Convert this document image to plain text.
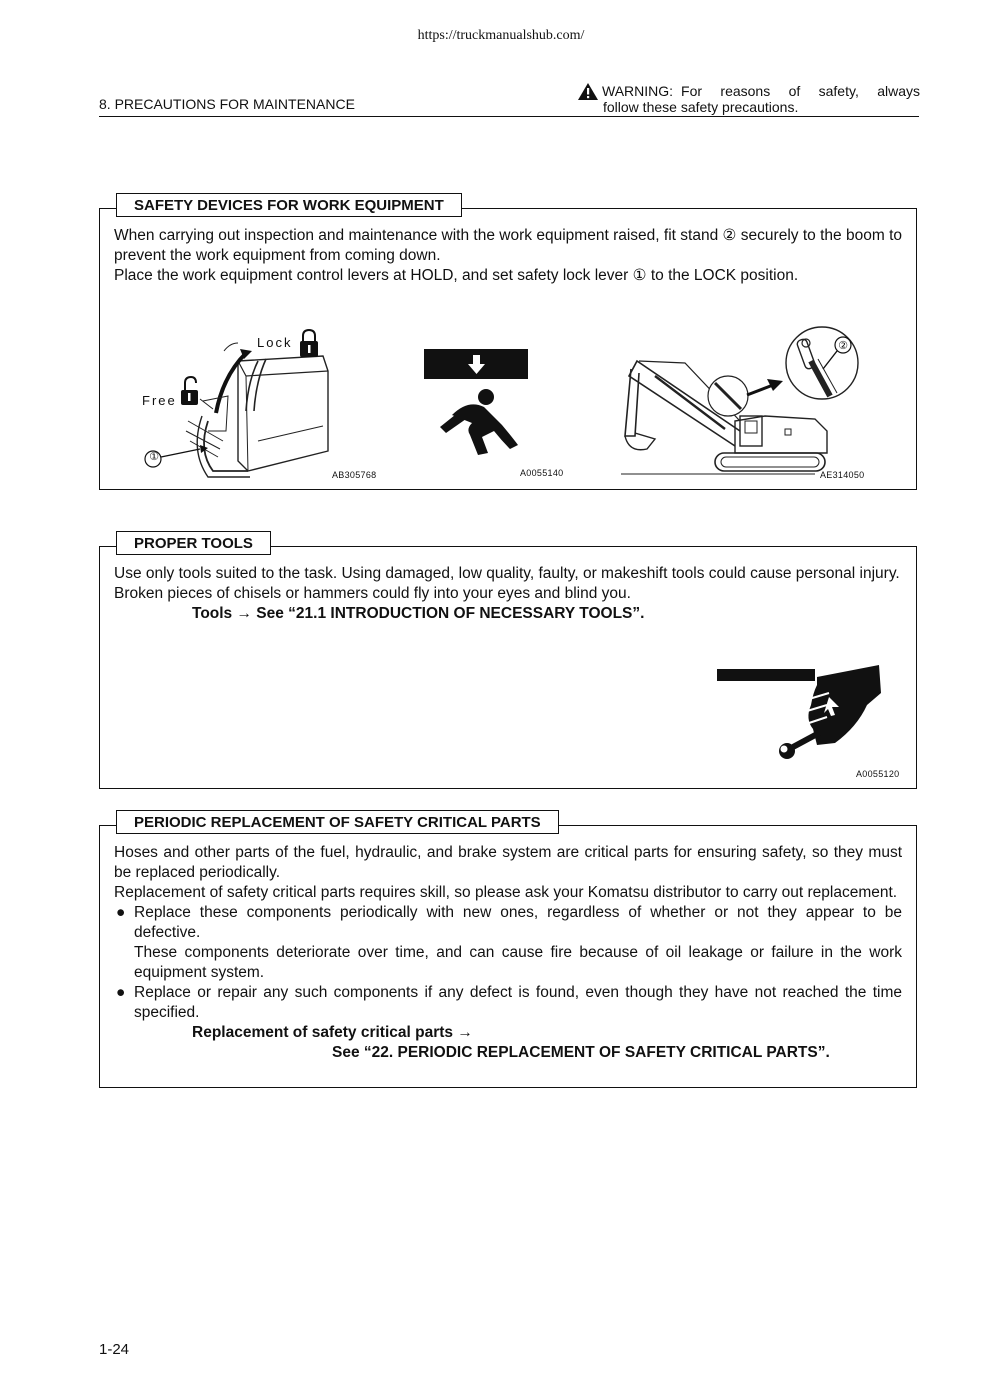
https://truckmanualshub.com/
8. PRECAUTIONS FOR MAINTENANCE
WARNING: For reasons of safety, always
follow these safety precautions.
SAFETY DEVICES FOR WORK EQUIPMENT

When carrying out inspection and maintenance with the work equipment raised, fit stand ② securely to the boom to prevent the work equipment from coming down.

Place the work equipment control levers at HOLD, and set safety lock lever ① to the LOCK position.

Lock
Free
①
AB305768	A0055140
②
AE314050
PROPER TOOLS

Use only tools suited to the task. Using damaged, low quality, faulty, or makeshift tools could cause personal injury.

Broken pieces of chisels or hammers could fly into your eyes and blind you.

Tools → See “21.1 INTRODUCTION OF NECESSARY TOOLS”.

A0055120
PERIODIC REPLACEMENT OF SAFETY CRITICAL PARTS

Hoses and other parts of the fuel, hydraulic, and brake system are critical parts for ensuring safety, so they must be replaced periodically.

Replacement of safety critical parts requires skill, so please ask your Komatsu distributor to carry out replacement.

● Replace these components periodically with new ones, regardless of whether or not they appear to be defective.

These components deteriorate over time, and can cause fire because of oil leakage or failure in the work equipment system.

● Replace or repair any such components if any defect is found, even though they have not reached the time specified.

Replacement of safety critical parts →

See “22. PERIODIC REPLACEMENT OF SAFETY CRITICAL PARTS”.

1-24
